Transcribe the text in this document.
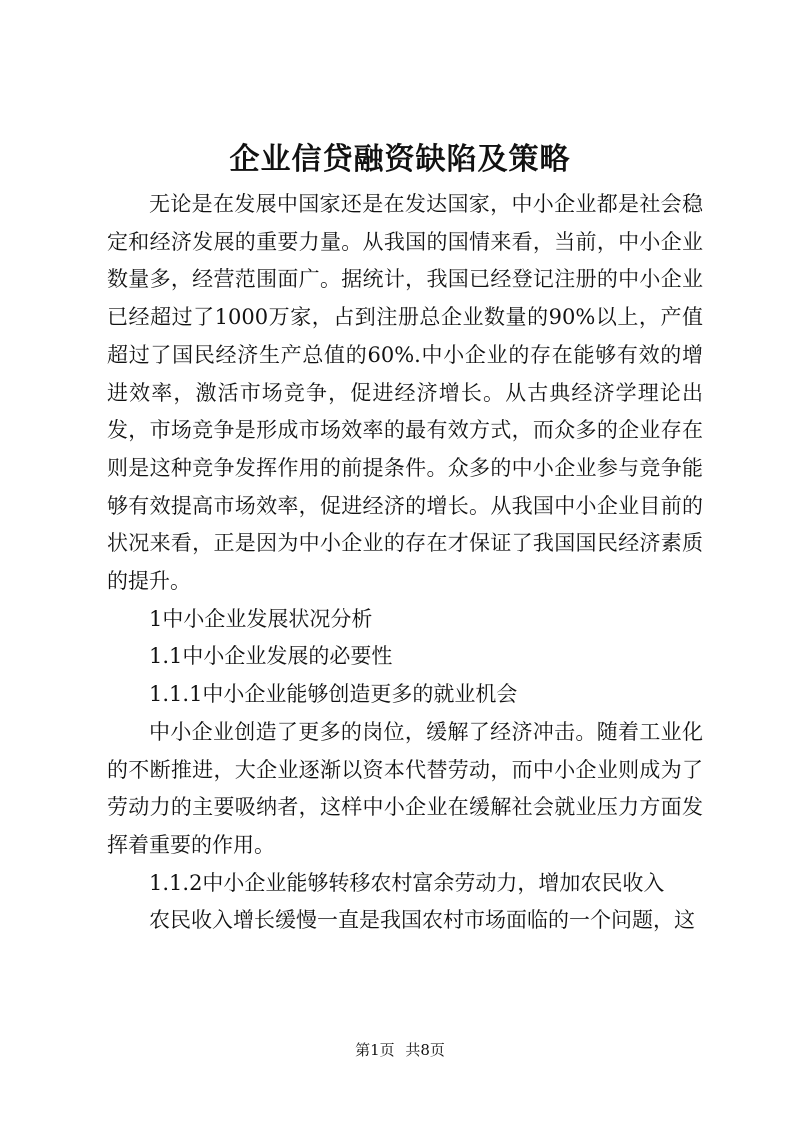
企业信贷融资缺陷及策略

无论是在发展中国家还是在发达国家，中小企业都是社会稳定和经济发展的重要力量。从我国的国情来看，当前，中小企业数量多，经营范围面广。据统计，我国已经登记注册的中小企业已经超过了1000万家，占到注册总企业数量的90%以上，产值超过了国民经济生产总值的60%.中小企业的存在能够有效的增进效率，激活市场竞争，促进经济增长。从古典经济学理论出发，市场竞争是形成市场效率的最有效方式，而众多的企业存在则是这种竞争发挥作用的前提条件。众多的中小企业参与竞争能够有效提高市场效率，促进经济的增长。从我国中小企业目前的状况来看，正是因为中小企业的存在才保证了我国国民经济素质的提升。

1中小企业发展状况分析

1.1中小企业发展的必要性

1.1.1中小企业能够创造更多的就业机会

中小企业创造了更多的岗位，缓解了经济冲击。随着工业化的不断推进，大企业逐渐以资本代替劳动，而中小企业则成为了劳动力的主要吸纳者，这样中小企业在缓解社会就业压力方面发挥着重要的作用。

1.1.2中小企业能够转移农村富余劳动力，增加农民收入

农民收入增长缓慢一直是我国农村市场面临的一个问题，这

第1页 共8页
